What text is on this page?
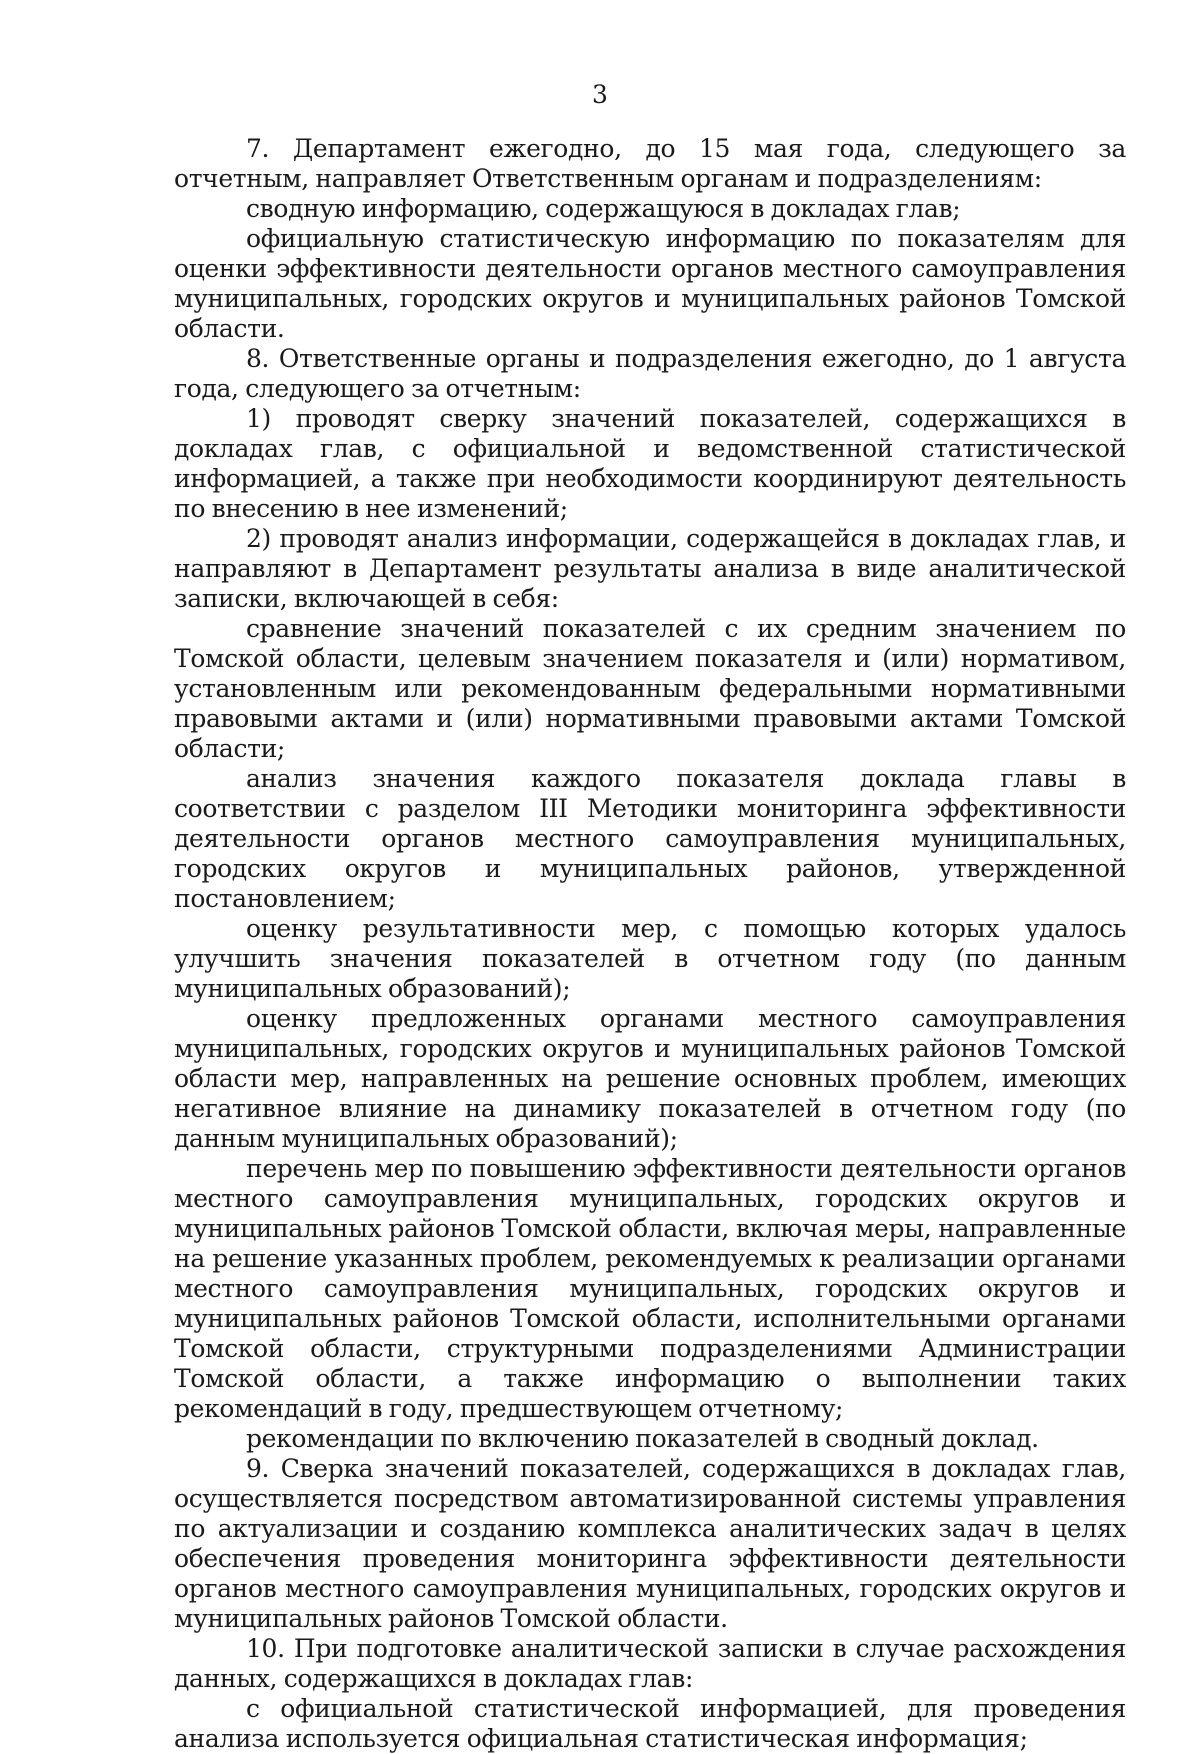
3

7. Департамент ежегодно, до 15 мая года, следующего за отчетным, направляет Ответственным органам и подразделениям:

сводную информацию, содержащуюся в докладах глав;

официальную статистическую информацию по показателям для оценки эффективности деятельности органов местного самоуправления муниципальных, городских округов и муниципальных районов Томской области.

8. Ответственные органы и подразделения ежегодно, до 1 августа года, следующего за отчетным:

1) проводят сверку значений показателей, содержащихся в докладах глав, с официальной и ведомственной статистической информацией, а также при необходимости координируют деятельность по внесению в нее изменений;

2) проводят анализ информации, содержащейся в докладах глав, и направляют в Департамент результаты анализа в виде аналитической записки, включающей в себя:

сравнение значений показателей с их средним значением по Томской области, целевым значением показателя и (или) нормативом, установленным или рекомендованным федеральными нормативными правовыми актами и (или) нормативными правовыми актами Томской области;

анализ значения каждого показателя доклада главы в соответствии с разделом III Методики мониторинга эффективности деятельности органов местного самоуправления муниципальных, городских округов и муниципальных районов, утвержденной постановлением;

оценку результативности мер, с помощью которых удалось улучшить значения показателей в отчетном году (по данным муниципальных образований);

оценку предложенных органами местного самоуправления муниципальных, городских округов и муниципальных районов Томской области мер, направленных на решение основных проблем, имеющих негативное влияние на динамику показателей в отчетном году (по данным муниципальных образований);

перечень мер по повышению эффективности деятельности органов местного самоуправления муниципальных, городских округов и муниципальных районов Томской области, включая меры, направленные на решение указанных проблем, рекомендуемых к реализации органами местного самоуправления муниципальных, городских округов и муниципальных районов Томской области, исполнительными органами Томской области, структурными подразделениями Администрации Томской области, а также информацию о выполнении таких рекомендаций в году, предшествующем отчетному;

рекомендации по включению показателей в сводный доклад.

9. Сверка значений показателей, содержащихся в докладах глав, осуществляется посредством автоматизированной системы управления по актуализации и созданию комплекса аналитических задач в целях обеспечения проведения мониторинга эффективности деятельности органов местного самоуправления муниципальных, городских округов и муниципальных районов Томской области.

10. При подготовке аналитической записки в случае расхождения данных, содержащихся в докладах глав:

с официальной статистической информацией, для проведения анализа используется официальная статистическая информация;
